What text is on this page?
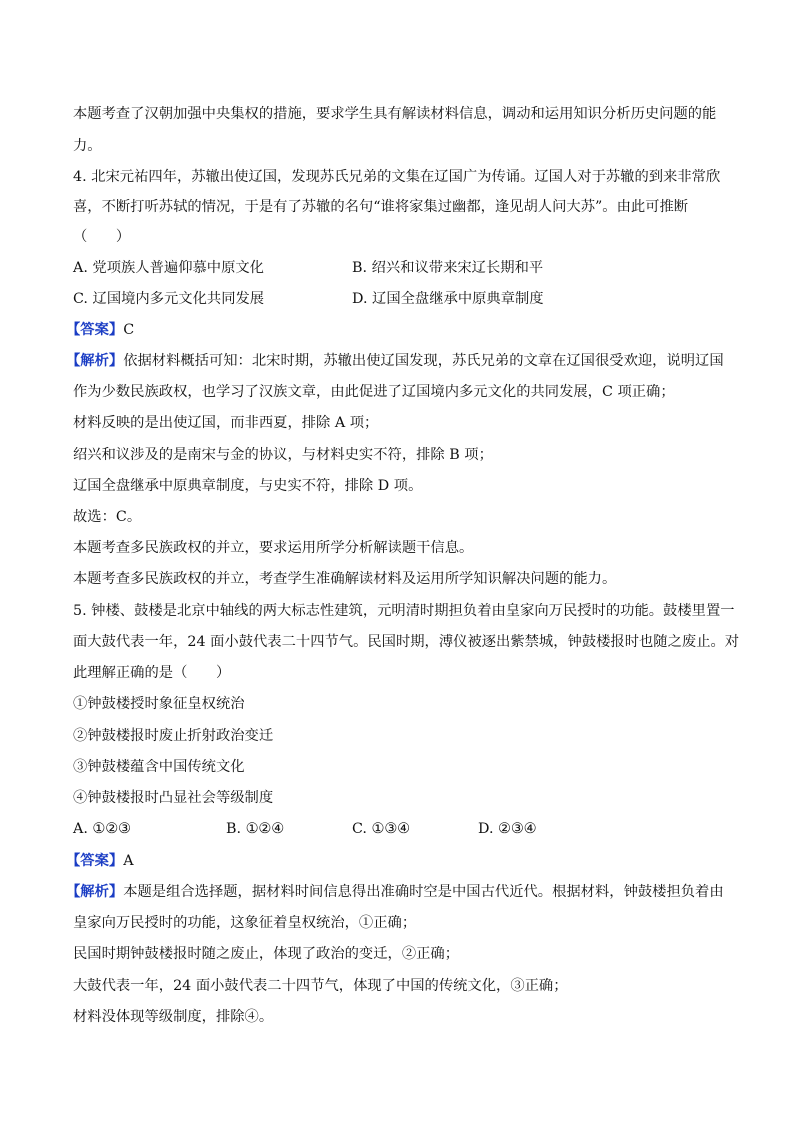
本题考查了汉朝加强中央集权的措施，要求学生具有解读材料信息，调动和运用知识分析历史问题的能
力。
4. 北宋元祐四年，苏辙出使辽国，发现苏氏兄弟的文集在辽国广为传诵。辽国人对于苏辙的到来非常欣
喜，不断打听苏轼的情况，于是有了苏辙的名句“谁将家集过幽都，逢见胡人问大苏”。由此可推断
（　　）
A. 党项族人普遍仰慕中原文化	B. 绍兴和议带来宋辽长期和平
C. 辽国境内多元文化共同发展	D. 辽国全盘继承中原典章制度
【答案】C
【解析】依据材料概括可知：北宋时期，苏辙出使辽国发现，苏氏兄弟的文章在辽国很受欢迎，说明辽国
作为少数民族政权，也学习了汉族文章，由此促进了辽国境内多元文化的共同发展，C 项正确；
材料反映的是出使辽国，而非西夏，排除 A 项；
绍兴和议涉及的是南宋与金的协议，与材料史实不符，排除 B 项；
辽国全盘继承中原典章制度，与史实不符，排除 D 项。
故选：C。
本题考查多民族政权的并立，要求运用所学分析解读题干信息。
本题考查多民族政权的并立，考查学生准确解读材料及运用所学知识解决问题的能力。
5. 钟楼、鼓楼是北京中轴线的两大标志性建筑，元明清时期担负着由皇家向万民授时的功能。鼓楼里置一
面大鼓代表一年，24 面小鼓代表二十四节气。民国时期，溥仪被逐出紫禁城，钟鼓楼报时也随之废止。对
此理解正确的是（　　）
①钟鼓楼授时象征皇权统治
②钟鼓楼报时废止折射政治变迁
③钟鼓楼蕴含中国传统文化
④钟鼓楼报时凸显社会等级制度
A. ①②③	B. ①②④	C. ①③④	D. ②③④
【答案】A
【解析】本题是组合选择题，据材料时间信息得出准确时空是中国古代近代。根据材料，钟鼓楼担负着由
皇家向万民授时的功能，这象征着皇权统治，①正确；
民国时期钟鼓楼报时随之废止，体现了政治的变迁，②正确；
大鼓代表一年，24 面小鼓代表二十四节气，体现了中国的传统文化，③正确；
材料没体现等级制度，排除④。
